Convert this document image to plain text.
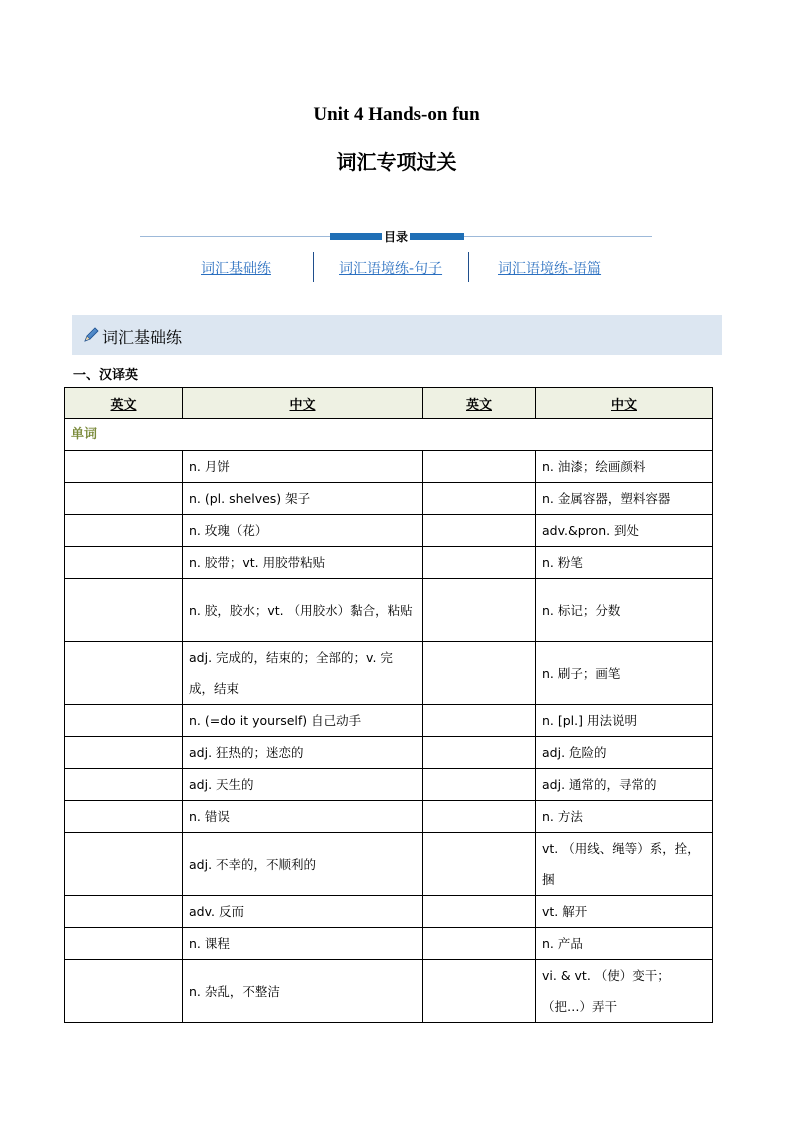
Unit 4 Hands-on fun
词汇专项过关
目录
词汇基础练	词汇语境练-句子	词汇语境练-语篇
词汇基础练
一、汉译英
英文	中文	英文	中文
单词			
	n. 月饼		n. 油漆；绘画颜料
	n. (pl. shelves) 架子		n. 金属容器，塑料容器
	n. 玫瑰（花）		adv.&pron. 到处
	n. 胶带；vt. 用胶带粘贴		n. 粉笔
	n. 胶，胶水；vt. （用胶水）黏合，粘贴		n. 标记；分数
	adj. 完成的，结束的；全部的；v. 完成，结束		n. 刷子；画笔
	n. (=do it yourself) 自己动手		n. [pl.] 用法说明
	adj. 狂热的；迷恋的		adj. 危险的
	adj. 天生的		adj. 通常的，寻常的
	n. 错误		n. 方法
	adj. 不幸的，不顺利的		vt. （用线、绳等）系，拴，捆
	adv. 反而		vt. 解开
	n. 课程		n. 产品
	n. 杂乱，不整洁		vi. & vt. （使）变干；（把…）弄干
